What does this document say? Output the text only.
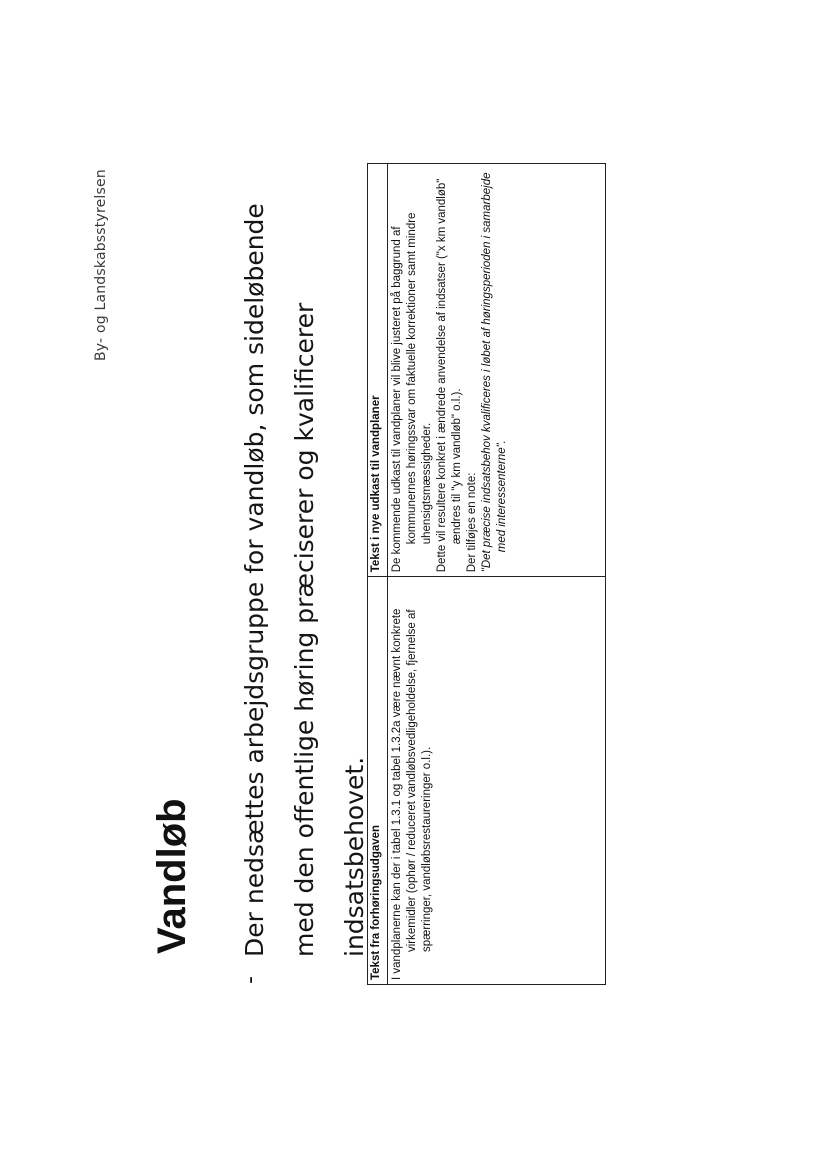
By- og Landskabsstyrelsen
Vandløb
-
Der nedsættes arbejdsgruppe for vandløb, som sideløbende med den offentlige høring præciserer og kvalificerer indsatsbehovet. Tekst fra forhøringsudgaven	Tekst i nye udkast til vandplaner

I vandplanerne kan der i tabel 1.3.1 og tabel 1.3.2a være nævnt konkrete virkemidler (ophør / reduceret vandløbsvedligeholdelse, fjernelse af spærringer, vandløbsrestaureringer o.l.).	De kommende udkast til vandplaner vil blive justeret på baggrund af kommunernes høringssvar om faktuelle korrektioner samt mindre uhensigtsmæssigheder. Dette vil resultere konkret i ændrede anvendelse af indsatser ("x km vandløb" ændres til "y km vandløb" o.l.). Der tilføjes en note: "Det præcise indsatsbehov kvalificeres i løbet af høringsperioden i samarbejde med interessenterne".
